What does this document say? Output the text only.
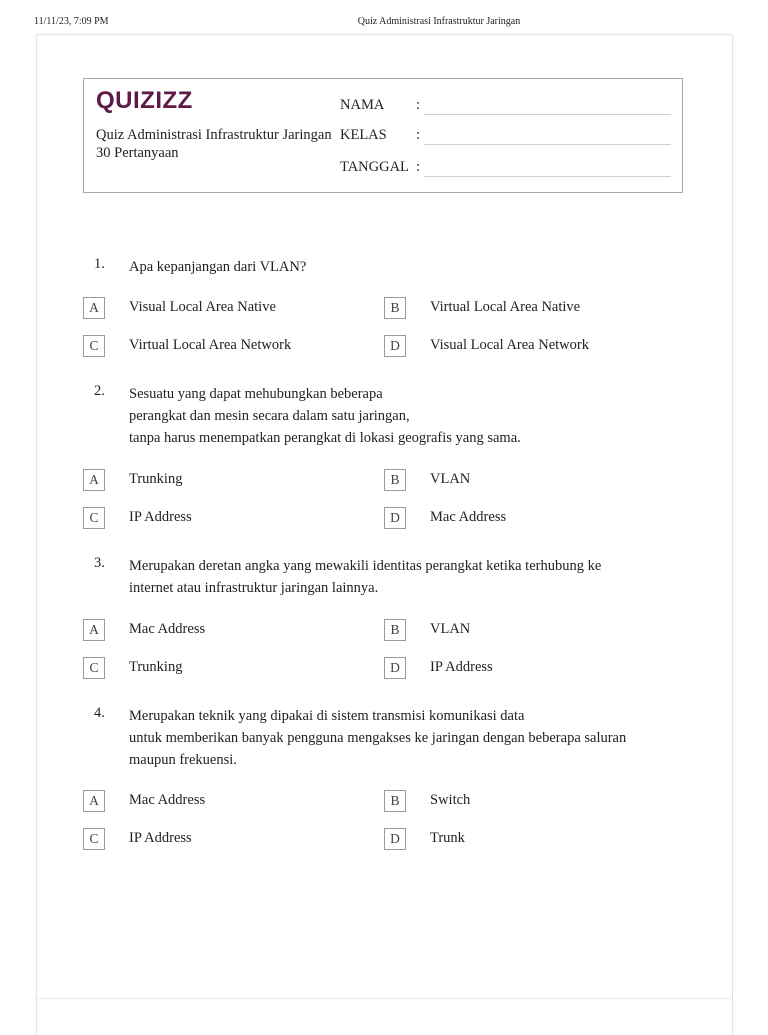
11/11/23, 7:09 PM	Quiz Administrasi Infrastruktur Jaringan
QUIZIZZ
Quiz Administrasi Infrastruktur Jaringan
30 Pertanyaan
NAMA :
KELAS :
TANGGAL :
1. Apa kepanjangan dari VLAN?
A	Visual Local Area Native	B	Virtual Local Area Native
C	Virtual Local Area Network	D	Visual Local Area Network
2. Sesuatu yang dapat mehubungkan beberapa
perangkat dan mesin secara dalam satu jaringan,
tanpa harus menempatkan perangkat di lokasi geografis yang sama.
A	Trunking	B	VLAN
C	IP Address	D	Mac Address
3. Merupakan deretan angka yang mewakili identitas perangkat ketika terhubung ke
internet atau infrastruktur jaringan lainnya.
A	Mac Address	B	VLAN
C	Trunking	D	IP Address
4. Merupakan teknik yang dipakai di sistem transmisi komunikasi data
untuk memberikan banyak pengguna mengakses ke jaringan dengan beberapa saluran
maupun frekuensi.
A	Mac Address	B	Switch
C	IP Address	D	Trunk
